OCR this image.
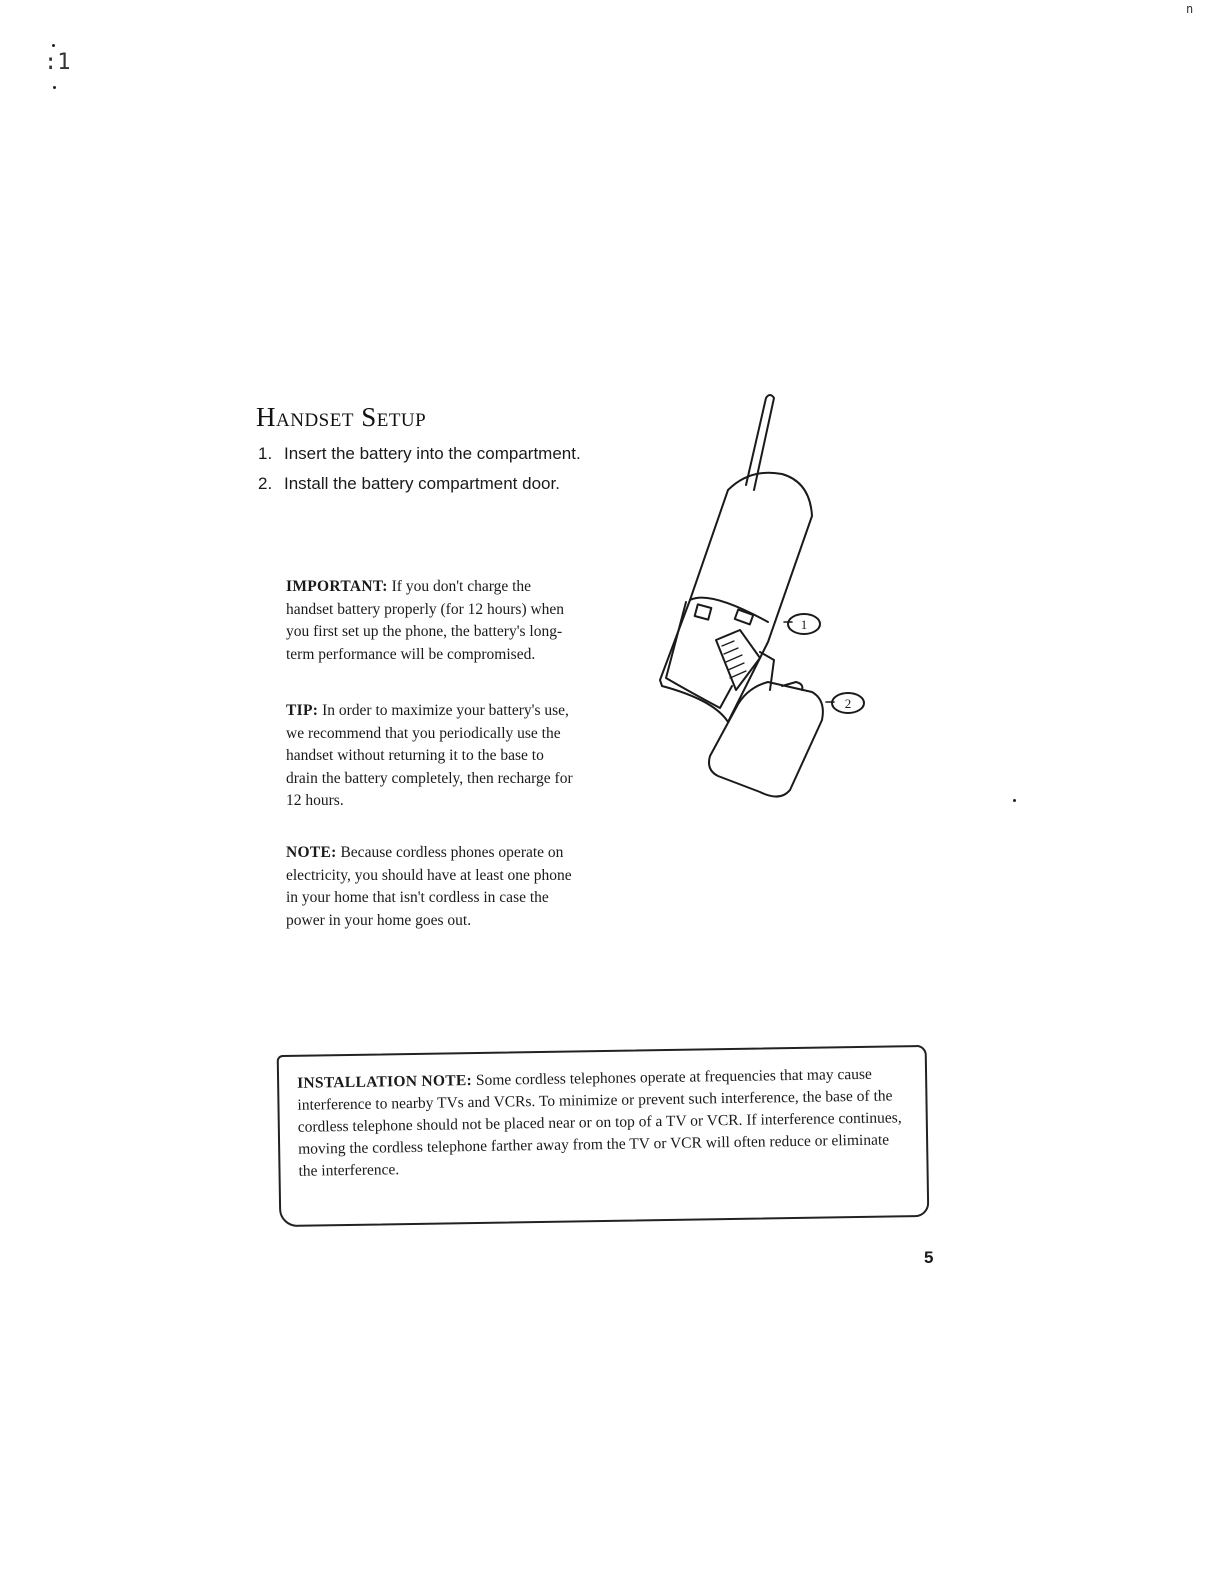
:1
n
Handset Setup
1. Insert the battery into the compartment.
2. Install the battery compartment door.

IMPORTANT: If you don't charge the handset battery properly (for 12 hours) when you first set up the phone, the battery's long-term performance will be compromised.

TIP: In order to maximize your battery's use, we recommend that you periodically use the handset without returning it to the base to drain the battery completely, then recharge for 12 hours.

NOTE: Because cordless phones operate on electricity, you should have at least one phone in your home that isn't cordless in case the power in your home goes out.

1
2

INSTALLATION NOTE: Some cordless telephones operate at frequencies that may cause interference to nearby TVs and VCRs. To minimize or prevent such interference, the base of the cordless telephone should not be placed near or on top of a TV or VCR. If interference continues, moving the cordless telephone farther away from the TV or VCR will often reduce or eliminate the interference.

5
